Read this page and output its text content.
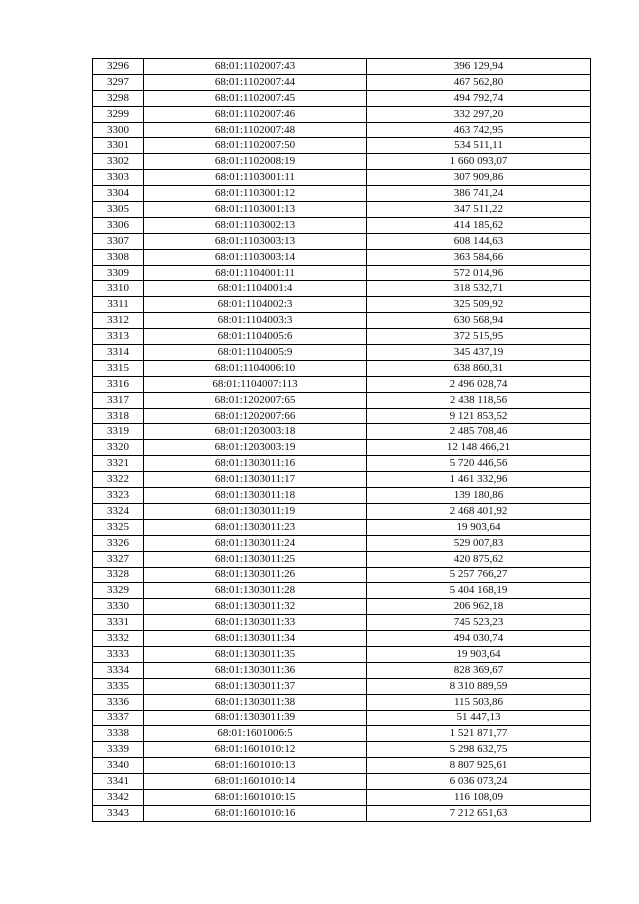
3296	68:01:1102007:43	396 129,94
3297	68:01:1102007:44	467 562,80
3298	68:01:1102007:45	494 792,74
3299	68:01:1102007:46	332 297,20
3300	68:01:1102007:48	463 742,95
3301	68:01:1102007:50	534 511,11
3302	68:01:1102008:19	1 660 093,07
3303	68:01:1103001:11	307 909,86
3304	68:01:1103001:12	386 741,24
3305	68:01:1103001:13	347 511,22
3306	68:01:1103002:13	414 185,62
3307	68:01:1103003:13	608 144,63
3308	68:01:1103003:14	363 584,66
3309	68:01:1104001:11	572 014,96
3310	68:01:1104001:4	318 532,71
3311	68:01:1104002:3	325 509,92
3312	68:01:1104003:3	630 568,94
3313	68:01:1104005:6	372 515,95
3314	68:01:1104005:9	345 437,19
3315	68:01:1104006:10	638 860,31
3316	68:01:1104007:113	2 496 028,74
3317	68:01:1202007:65	2 438 118,56
3318	68:01:1202007:66	9 121 853,52
3319	68:01:1203003:18	2 485 708,46
3320	68:01:1203003:19	12 148 466,21
3321	68:01:1303011:16	5 720 446,56
3322	68:01:1303011:17	1 461 332,96
3323	68:01:1303011:18	139 180,86
3324	68:01:1303011:19	2 468 401,92
3325	68:01:1303011:23	19 903,64
3326	68:01:1303011:24	529 007,83
3327	68:01:1303011:25	420 875,62
3328	68:01:1303011:26	5 257 766,27
3329	68:01:1303011:28	5 404 168,19
3330	68:01:1303011:32	206 962,18
3331	68:01:1303011:33	745 523,23
3332	68:01:1303011:34	494 030,74
3333	68:01:1303011:35	19 903,64
3334	68:01:1303011:36	828 369,67
3335	68:01:1303011:37	8 310 889,59
3336	68:01:1303011:38	115 503,86
3337	68:01:1303011:39	51 447,13
3338	68:01:1601006:5	1 521 871,77
3339	68:01:1601010:12	5 298 632,75
3340	68:01:1601010:13	8 807 925,61
3341	68:01:1601010:14	6 036 073,24
3342	68:01:1601010:15	116 108,09
3343	68:01:1601010:16	7 212 651,63
